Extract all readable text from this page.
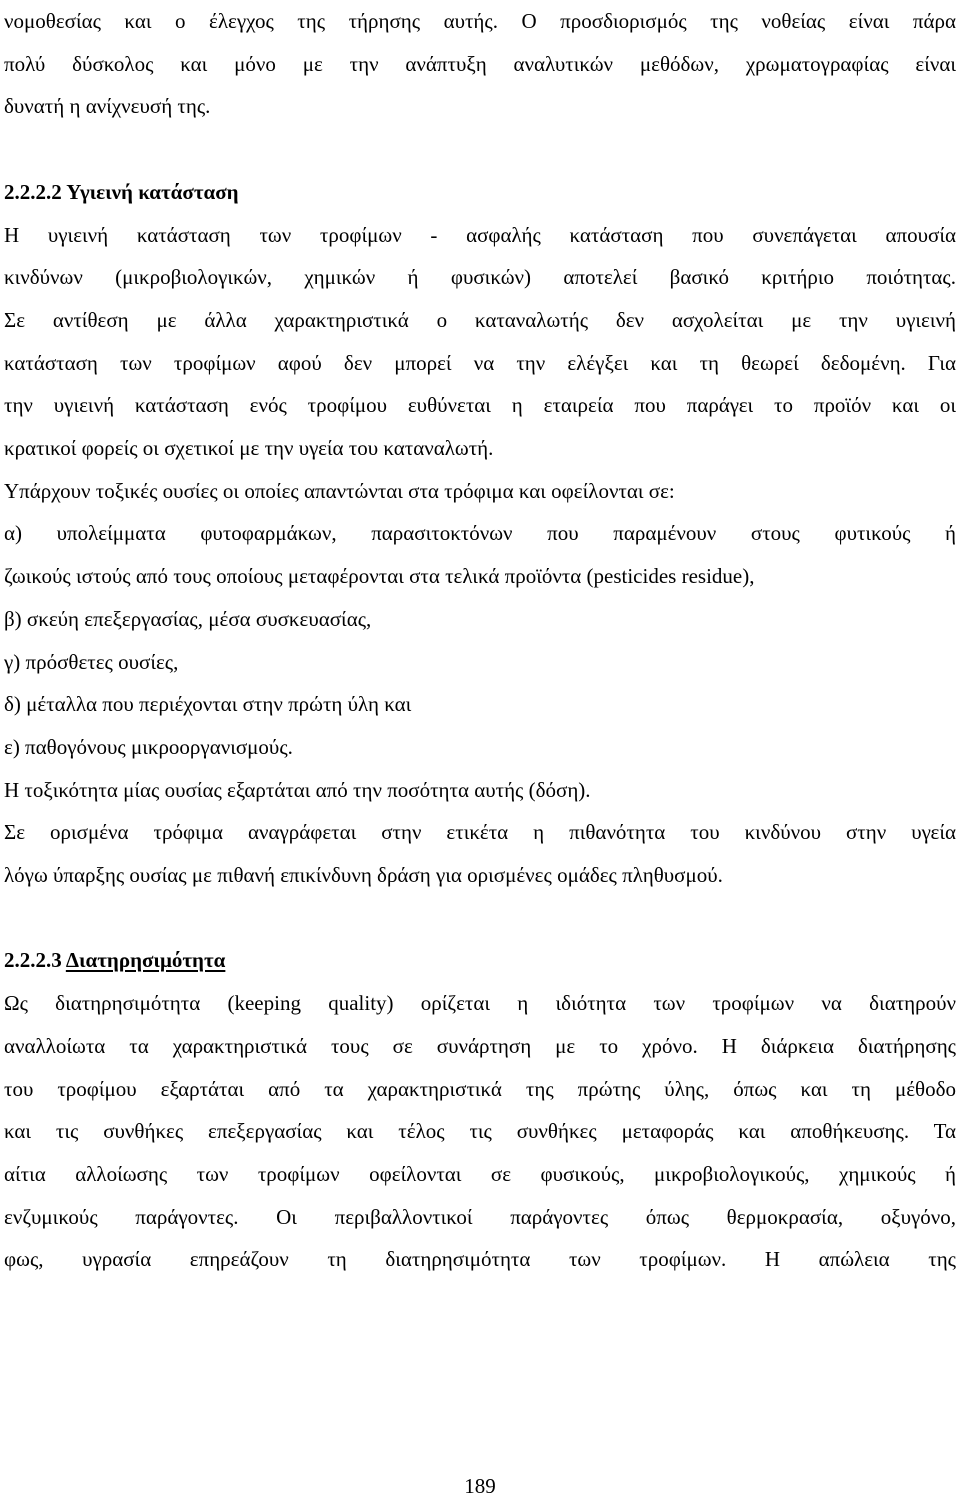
νομοθεσίας και ο έλεγχος της τήρησης αυτής. Ο προσδιορισμός της νοθείας είναι πάρα
πολύ δύσκολος και μόνο με την ανάπτυξη αναλυτικών μεθόδων, χρωματογραφίας είναι
δυνατή η ανίχνευσή της.
2.2.2.2 Υγιεινή κατάσταση
Η υγιεινή κατάσταση των τροφίμων - ασφαλής κατάσταση που συνεπάγεται απουσία
κινδύνων (μικροβιολογικών, χημικών ή φυσικών) αποτελεί βασικό κριτήριο ποιότητας.
Σε αντίθεση με άλλα χαρακτηριστικά ο καταναλωτής δεν ασχολείται με την υγιεινή
κατάσταση των τροφίμων αφού δεν μπορεί να την ελέγξει και τη θεωρεί δεδομένη. Για
την υγιεινή κατάσταση ενός τροφίμου ευθύνεται η εταιρεία που παράγει το προϊόν και οι
κρατικοί φορείς οι σχετικοί με την υγεία του καταναλωτή.
Υπάρχουν τοξικές ουσίες οι οποίες απαντώνται στα τρόφιμα και οφείλονται σε:
α) υπολείμματα φυτοφαρμάκων, παρασιτοκτόνων που παραμένουν στους φυτικούς ή
ζωικούς ιστούς από τους οποίους μεταφέρονται στα τελικά προϊόντα (pesticides residue),
β) σκεύη επεξεργασίας, μέσα συσκευασίας,
γ) πρόσθετες ουσίες,
δ) μέταλλα που περιέχονται στην πρώτη ύλη και
ε) παθογόνους μικροοργανισμούς.
Η τοξικότητα μίας ουσίας εξαρτάται από την ποσότητα αυτής (δόση).
Σε ορισμένα τρόφιμα αναγράφεται στην ετικέτα η πιθανότητα του κινδύνου στην υγεία
λόγω ύπαρξης ουσίας με πιθανή επικίνδυνη δράση για ορισμένες ομάδες πληθυσμού.
2.2.2.3 Διατηρησιμότητα
Ως διατηρησιμότητα (keeping quality) ορίζεται η ιδιότητα των τροφίμων να διατηρούν
αναλλοίωτα τα χαρακτηριστικά τους σε συνάρτηση με το χρόνο. Η διάρκεια διατήρησης
του τροφίμου εξαρτάται από τα χαρακτηριστικά της πρώτης ύλης, όπως και τη μέθοδο
και τις συνθήκες επεξεργασίας και τέλος τις συνθήκες μεταφοράς και αποθήκευσης. Τα
αίτια αλλοίωσης των τροφίμων οφείλονται σε φυσικούς, μικροβιολογικούς, χημικούς ή
ενζυμικούς παράγοντες. Οι περιβαλλοντικοί παράγοντες όπως θερμοκρασία, οξυγόνο,
φως, υγρασία επηρεάζουν τη διατηρησιμότητα των τροφίμων. Η απώλεια της
189
